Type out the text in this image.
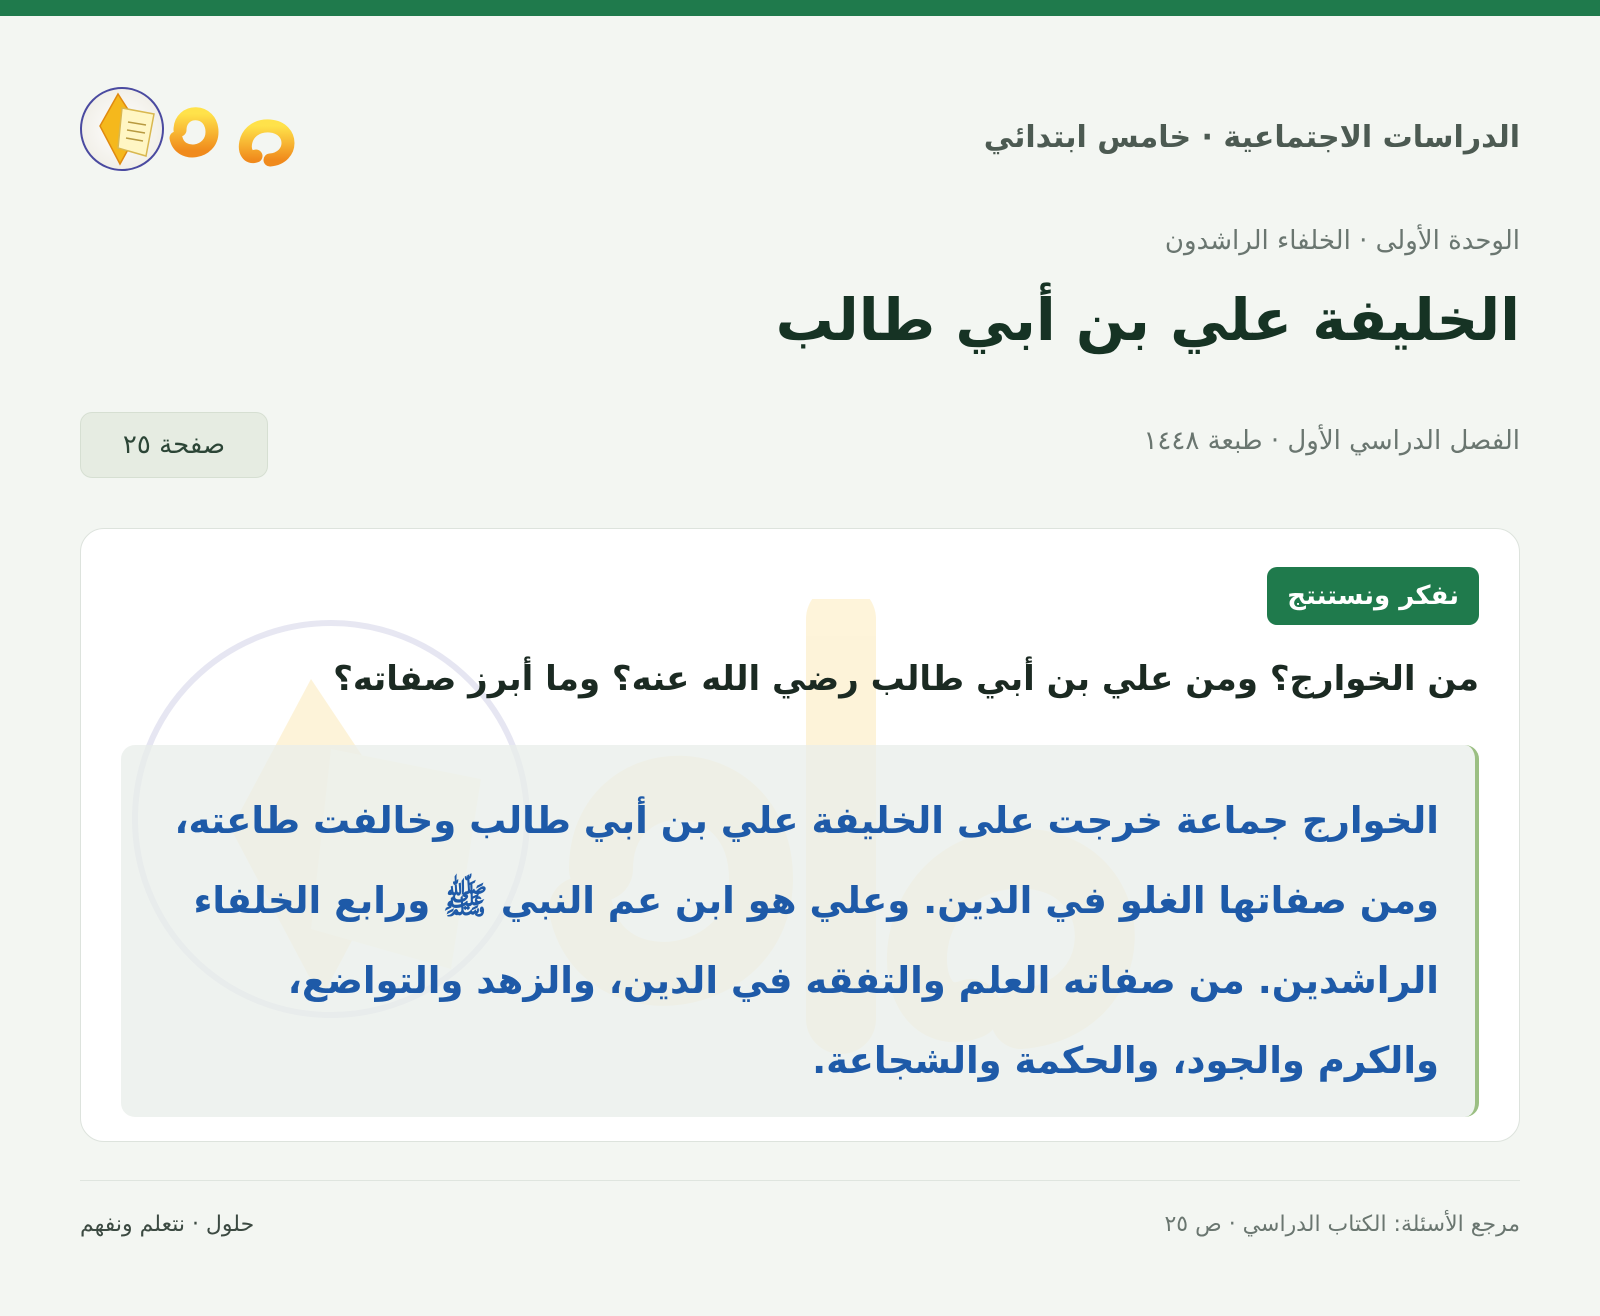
الدراسات الاجتماعية · خامس ابتدائي
الوحدة الأولى · الخلفاء الراشدون
الخليفة علي بن أبي طالب
الفصل الدراسي الأول · طبعة ١٤٤٨
صفحة ٢٥
نفكر ونستنتج
من الخوارج؟ ومن علي بن أبي طالب رضي الله عنه؟ وما أبرز صفاته؟

الخوارج جماعة خرجت على الخليفة علي بن أبي طالب وخالفت طاعته، ومن صفاتها الغلو في الدين. وعلي هو ابن عم النبي ﷺ ورابع الخلفاء الراشدين. من صفاته العلم والتفقه في الدين، والزهد والتواضع، والكرم والجود، والحكمة والشجاعة.

مرجع الأسئلة: الكتاب الدراسي · ص ٢٥
حلول · نتعلم ونفهم
